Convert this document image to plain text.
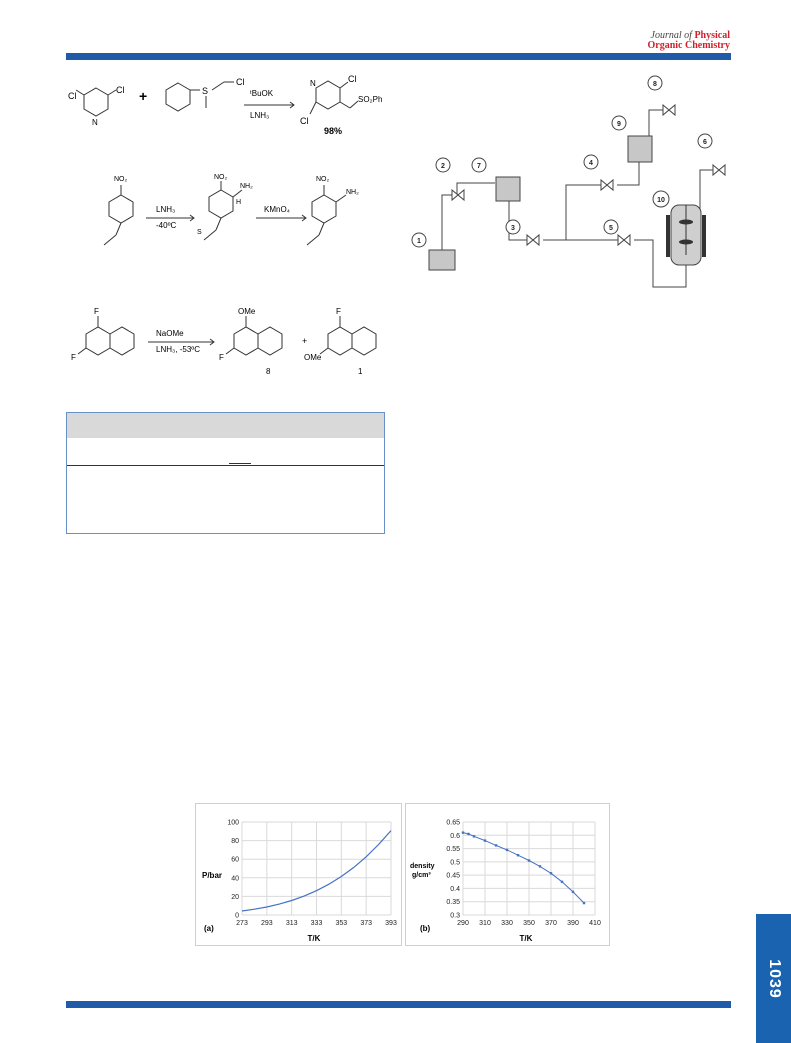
Journal of Physical
Organic Chemistry
Cl
Cl
N
+	S
Cl
ᵗBuOK
LNH₃
N	Cl
SO₂Ph
Cl
98%
NO₂
LNH₃
-40ºC
NO₂
NH₂
H
KMnO₄
NO₂
NH₂
S
F
F
NaOMe
LNH₃, -53ºC
OMe
F
8
+
F
OMe
1
1
2
3
4
5
6
7
8
9
10
273 293 313 333 353 373 393
0
20
40
60
80
100
P/bar
T/K
(a)
290 310 330 350 370 390 410
0.3
0.35
0.4
0.45
0.5
0.55
0.6
0.65
density
g/cm³
T/K
(b)
1039
